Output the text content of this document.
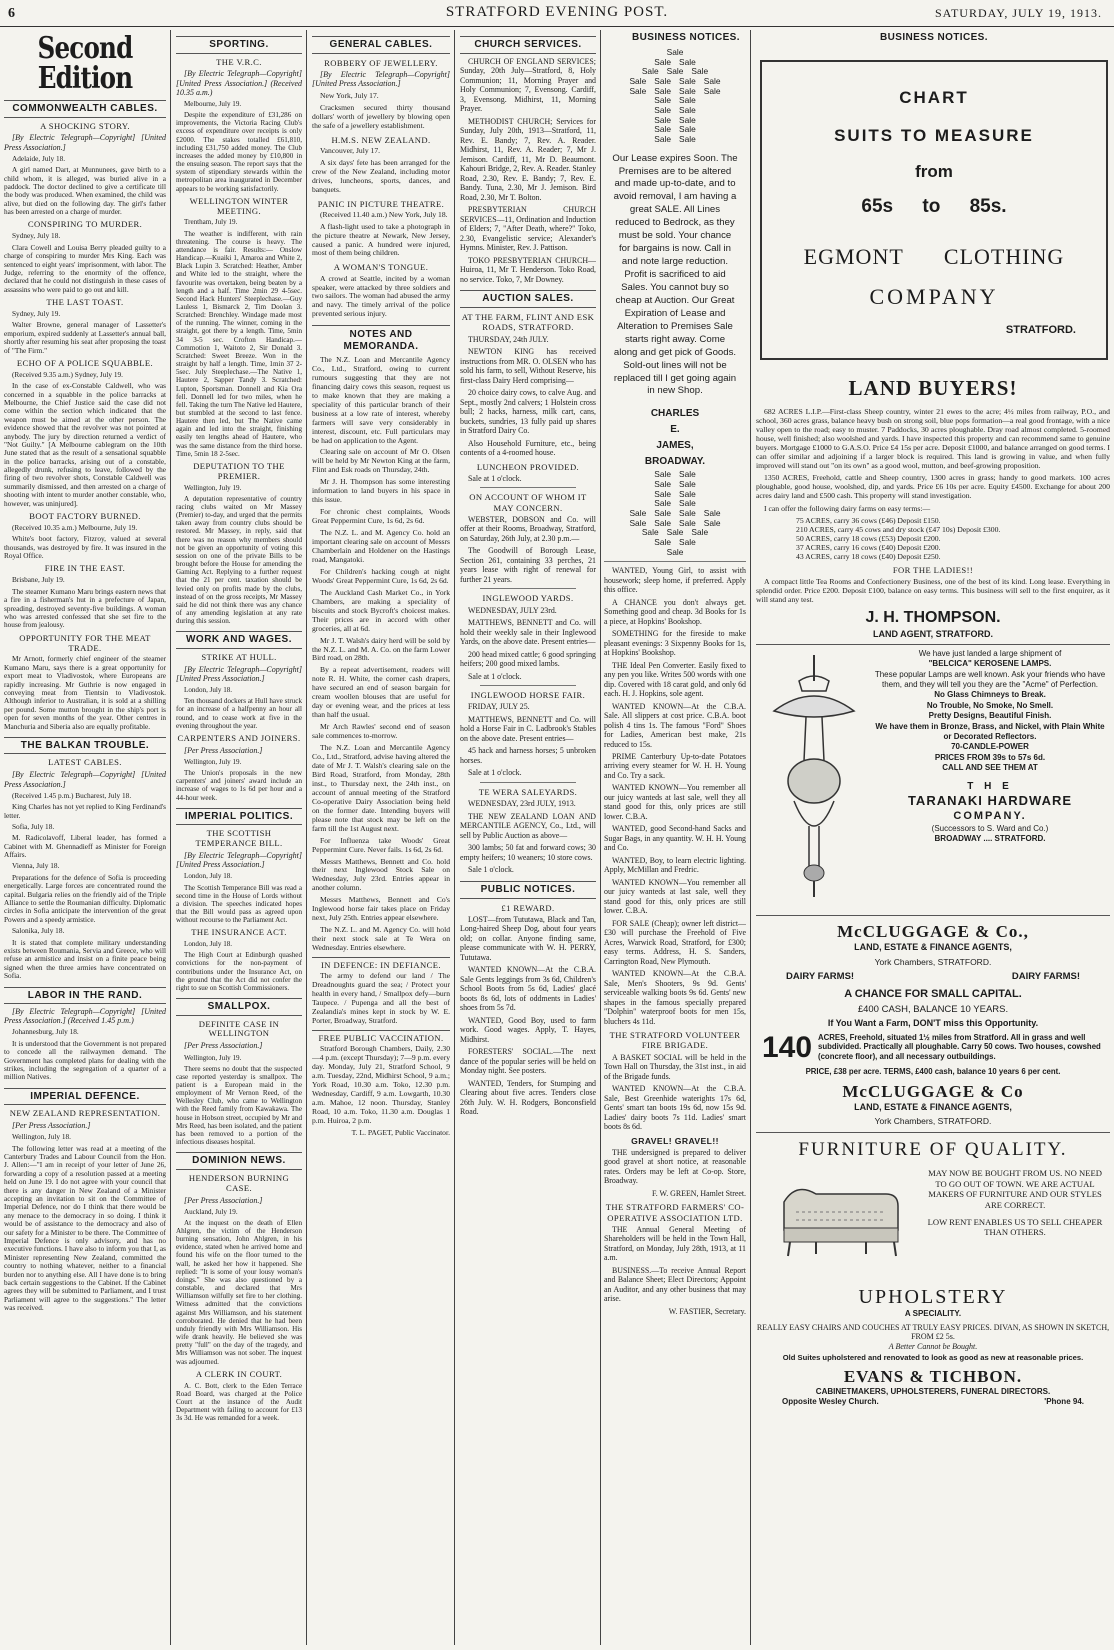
6	STRATFORD EVENING POST.	SATURDAY, JULY 19, 1913.
Second Edition
COMMONWEALTH CABLES.
A SHOCKING STORY.

[By Electric Telegraph—Copyright] [United Press Association.]

Adelaide, July 18.

A girl named Dart, at Munnunees, gave birth to a child whom, it is alleged, was buried alive in a paddock. The doctor declined to give a certificate till the body was produced. When examined, the child was alive, but died on the following day. The girl's father has been arrested on a charge of murder.

CONSPIRING TO MURDER.

Sydney, July 18.

Clara Cowell and Louisa Berry pleaded guilty to a charge of conspiring to murder Mrs King. Each was sentenced to eight years' imprisonment, with labor. The Judge, referring to the enormity of the offence, declared that he could not distinguish in these cases of assassins who were paid to go out and kill.

THE LAST TOAST.

Sydney, July 19.

Walter Browne, general manager of Lassetter's emporium, expired suddenly at Lassetter's annual ball, shortly after resuming his seat after proposing the toast of "The Firm."

ECHO OF A POLICE SQUABBLE.

(Received 9.35 a.m.) Sydney, July 19.

In the case of ex-Constable Caldwell, who was concerned in a squabble in the police barracks at Melbourne, the Chief Justice said the case did not come within the section which indicated that the weapon must be aimed at the other person. The evidence showed that the revolver was not pointed at anybody. The jury by direction returned a verdict of "Not Guilty." [A Melbourne cablegram on the 10th June stated that as the result of a sensational squabble in the police barracks, arising out of a constable, allegedly drunk, refusing to leave, followed by the firing of two revolver shots, Constable Caldwell was summarily dismissed, and then arrested on a charge of shooting with intent to murder another constable, who, however, was uninjured].

BOOT FACTORY BURNED.

(Received 10.35 a.m.) Melbourne, July 19.

White's boot factory, Fitzroy, valued at several thousands, was destroyed by fire. It was insured in the Royal Office.

FIRE IN THE EAST.

Brisbane, July 19.

The steamer Kumano Maru brings eastern news that a fire in a fisherman's hut in a prefecture of Japan, spreading, destroyed seventy-five buildings. A woman who was arrested confessed that she set fire to the house from jealousy.

OPPORTUNITY FOR THE MEAT TRADE.

Mr Arnott, formerly chief engineer of the steamer Kumano Maru, says there is a great opportunity for export meat to Vladivostok, where Europeans are rapidly increasing. Mr Guthrie is now engaged in conveying meat from Tientsin to Vladivostok. Although inferior to Australian, it is sold at a shilling per pound. Some mutton brought in the ship's port is open for seven months of the year. Other centres in Manchuria and Siberia also are equally profitable.

THE BALKAN TROUBLE.
LATEST CABLES.

[By Electric Telegraph—Copyright] [United Press Association.]

(Received 1.45 p.m.) Bucharest, July 18.

King Charles has not yet replied to King Ferdinand's letter.

Sofia, July 18.

M. Radicolavoff, Liberal leader, has formed a Cabinet with M. Ghennadieff as Minister for Foreign Affairs.

Vienna, July 18.

Preparations for the defence of Sofia is proceeding energetically. Large forces are concentrated round the capital. Bulgaria relies on the friendly aid of the Triple Alliance to settle the Roumanian difficulty. Diplomatic circles in Sofia anticipate the intervention of the great Powers and a speedy armistice.

Salonika, July 18.

It is stated that complete military understanding exists between Roumania, Servia and Greece, who will refuse an armistice and insist on a finite peace being signed when the three armies have concentrated on Sofia.

LABOR IN THE RAND.

[By Electric Telegraph—Copyright] [United Press Association.] (Received 1.45 p.m.)

Johannesburg, July 18.

It is understood that the Government is not prepared to concede all the railwaymen demand. The Government has completed plans for dealing with the strikes, including the segregation of a quarter of a million Natives.

IMPERIAL DEFENCE.
NEW ZEALAND REPRESENTATION.

[Per Press Association.]

Wellington, July 18.

The following letter was read at a meeting of the Canterbury Trades and Labour Council from the Hon. J. Allen:—"I am in receipt of your letter of June 26, forwarding a copy of a resolution passed at a meeting held on June 19. I do not agree with your council that there is any danger in New Zealand of a Minister accepting an invitation to sit on the Committee of Imperial Defence, nor do I think that there would be any menace to the democracy in so doing. I think it would be of assistance to the democracy and also of our safety for a Minister to be there. The Committee of Imperial Defence is only advisory, and has no executive functions. I have also to inform you that I, as Minister representing New Zealand, committed the country to nothing whatever, neither to a financial burden nor to anything else. All I have done is to bring back certain suggestions to the Cabinet. If the Cabinet agrees they will be submitted to Parliament, and I trust Parliament will agree to the suggestions." The letter was received.

SPORTING.
THE V.R.C.

[By Electric Telegraph—Copyright] [United Press Association.] (Received 10.35 a.m.)

Melbourne, July 19.

Despite the expenditure of £31,286 on improvements, the Victoria Racing Club's excess of expenditure over receipts is only £2000. The stakes totalled £61,810, including £31,750 added money. The Club increases the added money by £10,800 in the ensuing season. The report says that the system of stipendiary stewards within the metropolitan area inaugurated in December appears to be working satisfactorily.

WELLINGTON WINTER MEETING.

Trentham, July 19.

The weather is indifferent, with rain threatening. The course is heavy. The attendance is fair. Results:— Onslow Handicap.—Kuaiki 1, Amaroa and White 2, Black Lupin 3. Scratched: Heather, Amber and White led to the straight, where the favourite was overtaken, being beaten by a length and a half. Time 2min 29 4-5sec. Second Hack Hunters' Steeplechase.—Guy Lauless 1, Bismarck 2, Tim Doolan 3. Scratched: Brenchley. Windage made most of the running. The winner, coming in the straight, got there by a length. Time, 5min 34 3-5 sec. Crofton Handicap.—Commotion 1, Waitoto 2, Sir Donald 3. Scratched: Sweet Breeze. Won in the straight by half a length. Time, 1min 37 2-5sec. July Steeplechase.—The Native 1, Hautere 2, Sapper Tandy 3. Scratched: Lupton, Sportsman. Donnell and Kia Ora fell. Donnell led for two miles, when he fell. Taking the turn The Native led Hautere, but stumbled at the second to last fence. Hautere then led, but The Native came again and led into the straight, finishing easily ten lengths ahead of Hautere, who was the same distance from the third horse. Time, 5min 18 2-5sec.

DEPUTATION TO THE PREMIER.

Wellington, July 19.

A deputation representative of country racing clubs waited on Mr Massey (Premier) to-day, and urged that the permits taken away from country clubs should be restored. Mr Massey, in reply, said that there was no reason why members should not be given an opportunity of voting this session on one of the private Bills to be brought before the House for amending the Gaming Act. Replying to a further request that the 21 per cent. taxation should be levied only on profits made by the clubs, instead of on the gross receipts, Mr Massey said he did not think there was any chance of any amending legislation at any rate during this session.

WORK AND WAGES.
STRIKE AT HULL.

[By Electric Telegraph—Copyright] [United Press Association.]

London, July 18.

Ten thousand dockers at Hull have struck for an increase of a halfpenny an hour all round, and to cease work at five in the evening throughout the year.

CARPENTERS AND JOINERS.

[Per Press Association.]

Wellington, July 19.

The Union's proposals in the new carpenters' and joiners' award include an increase of wages to 1s 6d per hour and a 44-hour week.

IMPERIAL POLITICS.
THE SCOTTISH TEMPERANCE BILL.

[By Electric Telegraph—Copyright] [United Press Association.]

London, July 18.

The Scottish Temperance Bill was read a second time in the House of Lords without a division. The speeches indicated hopes that the Bill would pass as agreed upon without recourse to the Parliament Act.

THE INSURANCE ACT.

London, July 18.

The High Court at Edinburgh quashed convictions for the non-payment of contributions under the Insurance Act, on the ground that the Act did not confer the right to sue on Scottish Commissioners.

SMALLPOX.
DEFINITE CASE IN WELLINGTON

[Per Press Association.]

Wellington, July 19.

There seems no doubt that the suspected case reported yesterday is smallpox. The patient is a European maid in the employment of Mr Vernon Reed, of the Wellesley Club, who came to Wellington with the Reed family from Kawakawa. The house in Hobson street, occupied by Mr and Mrs Reed, has been isolated, and the patient has been removed to a portion of the infectious diseases hospital.

DOMINION NEWS.
HENDERSON BURNING CASE.

[Per Press Association.]

Auckland, July 19.

At the inquest on the death of Ellen Ahlgren, the victim of the Henderson burning sensation, John Ahlgren, in his evidence, stated when he arrived home and found his wife on the floor turned to the wall, he asked her how it happened. She replied: "It is some of your lousy woman's doings." She was also questioned by a constable, and declared that Mrs Williamson wilfully set fire to her clothing. Witness admitted that the convictions against Mrs Williamson, and his statement corroborated. He denied that he had been unduly friendly with Mrs Williamson. His wife drank heavily. He believed she was pretty "full" on the day of the tragedy, and Mrs Williamson was not sober. The inquest was adjourned.

A CLERK IN COURT.

A. C. Bott, clerk to the Eden Terrace Road Board, was charged at the Police Court at the instance of the Audit Department with failing to account for £13 3s 3d. He was remanded for a week.

GENERAL CABLES.
ROBBERY OF JEWELLERY.

[By Electric Telegraph—Copyright] [United Press Association.]

New York, July 17.

Cracksmen secured thirty thousand dollars' worth of jewellery by blowing open the safe of a jewellery establishment.

H.M.S. NEW ZEALAND.

Vancouver, July 17.

A six days' fete has been arranged for the crew of the New Zealand, including motor drives, luncheons, sports, dances, and banquets.

PANIC IN PICTURE THEATRE.

(Received 11.40 a.m.) New York, July 18.

A flash-light used to take a photograph in the picture theatre at Newark, New Jersey, caused a panic. A hundred were injured, most of them being children.

A WOMAN'S TONGUE.

A crowd at Seattle, incited by a woman speaker, were attacked by three soldiers and two sailors. The woman had abused the army and navy. The timely arrival of the police prevented serious injury.

NOTES AND MEMORANDA.

The N.Z. Loan and Mercantile Agency Co., Ltd., Stratford, owing to current rumours suggesting that they are not financing dairy cows this season, request us to make known that they are making a speciality of this particular branch of their business at a low rate of interest, whereby farmers will save very considerably in interest, discount, etc. Full particulars may be had on application to the Agent.

Clearing sale on account of Mr O. Olsen will be held by Mr Newton King at the farm, Flint and Esk roads on Thursday, 24th.

Mr J. H. Thompson has some interesting information to land buyers in his space in this issue.

For chronic chest complaints, Woods Great Peppermint Cure, 1s 6d, 2s 6d.

The N.Z. L. and M. Agency Co. hold an important clearing sale on account of Messrs Chamberlain and Holdener on the Hastings road, Mangatoki.

For Children's hacking cough at night Woods' Great Peppermint Cure, 1s 6d, 2s 6d.

The Auckland Cash Market Co., in York Chambers, are making a speciality of biscuits and stock Bycroft's choicest makes. Their prices are in accord with other groceries, all at 6d.

Mr J. T. Walsh's dairy herd will be sold by the N.Z. L. and M. A. Co. on the farm Lower Bird road, on 28th.

By a repeat advertisement, readers will note R. H. White, the corner cash drapers, have secured an end of season bargain for cream woollen blouses that are useful for day or evening wear, and the prices at less than half the usual.

Mr Arch Rawles' second end of season sale commences to-morrow.

The N.Z. Loan and Mercantile Agency Co., Ltd., Stratford, advise having altered the date of Mr J. T. Walsh's clearing sale on the Bird Road, Stratford, from Monday, 28th inst., to Thursday next, the 24th inst., on account of annual meeting of the Stratford Co-operative Dairy Association being held on the former date. Intending buyers will please note that stock may be left on the farm till the 1st August next.

For Influenza take Woods' Great Peppermint Cure. Never fails. 1s 6d, 2s 6d.

Messrs Matthews, Bennett and Co. hold their next Inglewood Stock Sale on Wednesday, July 23rd. Entries appear in another column.

Messrs Matthews, Bennett and Co's Inglewood horse fair takes place on Friday next, July 25th. Entries appear elsewhere.

The N.Z. L. and M. Agency Co. will hold their next stock sale at Te Wera on Wednesday. Entries elsewhere.

IN DEFENCE: IN DEFIANCE.

The army to defend our land / The Dreadnoughts guard the sea; / Protect your health in every hand, / Smallpox defy—burn Taupece. / Pupenga and all the best of Zealandia's mines kept in stock by W. E. Porter, Broadway, Stratford.

FREE PUBLIC VACCINATION.

Stratford Borough Chambers, Daily, 2.30—4 p.m. (except Thursday); 7—9 p.m. every day. Monday, July 21, Stratford School, 9 a.m. Tuesday, 22nd, Midhirst School, 9 a.m.; York Road, 10.30 a.m. Toko, 12.30 p.m. Wednesday, Cardiff, 9 a.m. Lowgarth, 10.30 a.m. Mahoe, 12 noon. Thursday, Stanley Road, 10 a.m. Toko, 11.30 a.m. Douglas 1 p.m. Huiroa, 2 p.m.

T. L. PAGET, Public Vaccinator.

CHURCH SERVICES.

CHURCH OF ENGLAND SERVICES; Sunday, 20th July—Stratford, 8, Holy Communion; 11, Morning Prayer and Holy Communion; 7, Evensong. Cardiff, 3, Evensong. Midhirst, 11, Morning Prayer.

METHODIST CHURCH; Services for Sunday, July 20th, 1913—Stratford, 11, Rev. E. Bandy; 7, Rev. A. Reader. Midhirst, 11, Rev. A. Reader; 7, Mr J. Jemison. Cardiff, 11, Mr D. Beaumont. Kahouri Bridge, 2, Rev. A. Reader. Stanley Road, 2.30, Rev. E. Bandy; 7, Rev. E. Bandy. Tuna, 2.30, Mr J. Jemison. Bird Road, 2.30, Mr T. Bolton.

PRESBYTERIAN CHURCH SERVICES—11, Ordination and Induction of Elders; 7, "After Death, where?" Toko, 2.30, Evangelistic service; Alexander's Hymns. Minister, Rev. J. Pattison.

TOKO PRESBYTERIAN CHURCH—Huiroa, 11, Mr T. Henderson. Toko Road, no service. Toko, 7, Mr Downey.

AUCTION SALES.
AT THE FARM, FLINT AND ESK ROADS, STRATFORD.

THURSDAY, 24th JULY.

NEWTON KING has received instructions from MR. O. OLSEN who has sold his farm, to sell, Without Reserve, his first-class Dairy Herd comprising—

20 choice dairy cows, to calve Aug. and Sept., mostly 2nd calvers; 1 Holstein cross bull; 2 hacks, harness, milk cart, cans, buckets, sundries, 13 fully paid up shares in Stratford Dairy Co.

Also Household Furniture, etc., being contents of a 4-roomed house.

LUNCHEON PROVIDED.

Sale at 1 o'clock.

ON ACCOUNT OF WHOM IT MAY CONCERN.

WEBSTER, DOBSON and Co. will offer at their Rooms, Broadway, Stratford, on Saturday, 26th July, at 2.30 p.m.—

The Goodwill of Borough Lease, Section 261, containing 33 perches, 21 years lease with right of renewal for further 21 years.

INGLEWOOD YARDS.

WEDNESDAY, JULY 23rd.

MATTHEWS, BENNETT and Co. will hold their weekly sale in their Inglewood Yards, on the above date. Present entries—

200 head mixed cattle; 6 good springing heifers; 200 good mixed lambs.

Sale at 1 o'clock.

INGLEWOOD HORSE FAIR.

FRIDAY, JULY 25.

MATTHEWS, BENNETT and Co. will hold a Horse Fair in C. Ladbrook's Stables on the above date. Present entries—

45 hack and harness horses; 5 unbroken horses.

Sale at 1 o'clock.

TE WERA SALEYARDS.

WEDNESDAY, 23rd JULY, 1913.

THE NEW ZEALAND LOAN AND MERCANTILE AGENCY, Co., Ltd., will sell by Public Auction as above—

300 lambs; 50 fat and forward cows; 30 empty heifers; 10 weaners; 10 store cows.

Sale 1 o'clock.

PUBLIC NOTICES.
£1 REWARD.

LOST—from Tututawa, Black and Tan, Long-haired Sheep Dog, about four years old; on collar. Anyone finding same, please communicate with W. H. PERRY, Tututawa.

WANTED KNOWN—At the C.B.A. Sale Gents leggings from 3s 6d, Children's School Boots from 5s 6d, Ladies' glacé boots 8s 6d, lots of oddments in Ladies' shoes from 5s 7d.

WANTED, Good Boy, used to farm work. Good wages. Apply, T. Hayes, Midhirst.

FORESTERS' SOCIAL.—The next dance of the popular series will be held on Monday night. See posters.

WANTED, Tenders, for Stumping and Clearing about five acres. Tenders close 26th July. W. H. Rodgers, Bonconsfield Road.

BUSINESS NOTICES.
Sale
Sale Sale
Sale Sale Sale
Sale Sale Sale Sale
Sale Sale Sale Sale
Sale Sale
Sale Sale
Sale Sale
Sale Sale
Sale Sale
Our Lease expires Soon. The Premises are to be altered and made up-to-date, and to avoid removal, I am having a great SALE. All Lines reduced to Bedrock, as they must be sold. Your chance for bargains is now. Call in and note large reduction. Profit is sacrificed to aid Sales. You cannot buy so cheap at Auction. Our Great Expiration of Lease and Alteration to Premises Sale starts right away. Come along and get pick of Goods. Sold-out lines will not be replaced till I get going again in new Shop.
CHARLES
E.
JAMES,
BROADWAY.
Sale Sale
Sale Sale
Sale Sale
Sale Sale
Sale Sale Sale Sale
Sale Sale Sale Sale
Sale Sale Sale
Sale Sale
Sale

WANTED, Young Girl, to assist with housework; sleep home, if preferred. Apply this office.

A CHANCE you don't always get. Something good and cheap. 3d Books for 1s a piece, at Hopkins' Bookshop.

SOMETHING for the fireside to make pleasant evenings: 3 Sixpenny Books for 1s, at Hopkins' Bookshop.

THE Ideal Pen Converter. Easily fixed to any pen you like. Writes 500 words with one dip. Covered with 18 carat gold, and only 6d each. H. J. Hopkins, sole agent.

WANTED KNOWN—At the C.B.A. Sale. All slippers at cost price. C.B.A. boot polish 4 tins 1s. The famous "Ford" Shoes for Ladies, American best make, 21s reduced to 15s.

PRIME Canterbury Up-to-date Potatoes arriving every steamer for W. H. H. Young and Co. Try a sack.

WANTED KNOWN—You remember all our juicy wanteds at last sale, well they all stand good for this, only prices are still lower. C.B.A.

WANTED, good Second-hand Sacks and Sugar Bags, in any quantity. W. H. H. Young and Co.

WANTED, Boy, to learn electric lighting. Apply, McMillan and Fredric.

WANTED KNOWN—You remember all our juicy wanteds at last sale, well they stand good for this, only prices are still lower. C.B.A.

FOR SALE (Cheap); owner left district—£30 will purchase the Freehold of Five Acres, Warwick Road, Stratford, for £300; easy terms. Address, H. S. Sanders, Carrington Road, New Plymouth.

WANTED KNOWN—At the C.B.A. Sale, Men's Shooters, 9s 9d. Gents' serviceable walking boots 9s 6d. Gents' new shapes in the famous specially prepared "Dolphin" waterproof boots for men 15s, bluchers 4s 11d.

THE STRATFORD VOLUNTEER FIRE BRIGADE.

A BASKET SOCIAL will be held in the Town Hall on Thursday, the 31st inst., in aid of the Brigade funds.

WANTED KNOWN—At the C.B.A. Sale, Best Greenhide waterights 17s 6d, Gents' smart tan boots 19s 6d, now 15s 9d. Ladies' dairy boots 7s 11d. Ladies' smart boots 8s 6d.

GRAVEL! GRAVEL!!

THE undersigned is prepared to deliver good gravel at short notice, at reasonable rates. Orders may be left at Co-op. Store, Broadway.

F. W. GREEN, Hamlet Street.

THE STRATFORD FARMERS' CO-OPERATIVE ASSOCIATION LTD.

THE Annual General Meeting of Shareholders will be held in the Town Hall, Stratford, on Monday, July 28th, 1913, at 11 a.m.

BUSINESS.—To receive Annual Report and Balance Sheet; Elect Directors; Appoint an Auditor, and any other business that may arise.

W. FASTIER, Secretary.

BUSINESS NOTICES.
CHART
SUITS TO MEASURE
from
65s to 85s.
EGMONT CLOTHING
COMPANY
STRATFORD.
LAND BUYERS!

682 ACRES L.I.P.—First-class Sheep country, winter 21 ewes to the acre; 4½ miles from railway, P.O., and school, 360 acres grass, balance heavy bush on strong soil, blue pops formation—a real good frontage, with a nice valley open to the road; easy to muster. 7 Paddocks, 30 acres ploughable. Dray road almost completed. 5-roomed house, well finished; also woolshed and yards. I have inspected this property and can recommend same to genuine buyers. Mortgage £1000 to G.A.S.O. Price £4 15s per acre. Deposit £1000, and balance arranged on good terms. I can offer similar and adjoining if a larger block is required. This land is growing in value, and when fully improved will stand out "on its own" as a good wool, mutton, and beef-growing proposition.

1350 ACRES, Freehold, cattle and Sheep country, 1300 acres in grass; handy to good markets. 100 acres ploughable, good house, woolshed, dip, and yards. Price £6 10s per acre. Equity £4500. Exchange for about 200 acres dairy land and £500 cash. This property will stand investigation.

I can offer the following dairy farms on easy terms:—

75 ACRES, carry 36 cows (£46) Deposit £150.
210 ACRES, carry 45 cows and dry stock (£47 10s) Deposit £300.
50 ACRES, carry 18 cows (£53) Deposit £200.
37 ACRES, carry 16 cows (£40) Deposit £200.
43 ACRES, carry 18 cows (£40) Deposit £250.
FOR THE LADIES!!

A compact little Tea Rooms and Confectionery Business, one of the best of its kind. Long lease. Everything in splendid order. Price £200. Deposit £100, balance on easy terms. This business will sell to the first enquirer, as it will stand any test.

J. H. THOMPSON.
LAND AGENT, STRATFORD.
We have just landed a large shipment of
"BELCICA" KEROSENE LAMPS.
These popular Lamps are well known. Ask your friends who have them, and they will tell you they are the "Acme" of Perfection.
No Glass Chimneys to Break.
No Trouble, No Smoke, No Smell.
Pretty Designs, Beautiful Finish.
We have them in Bronze, Brass, and Nickel, with Plain White or Decorated Reflectors.
70-CANDLE-POWER
PRICES FROM 39s to 57s 6d.
CALL AND SEE THEM AT
T H E
TARANAKI HARDWARE
COMPANY.
(Successors to S. Ward and Co.)
BROADWAY .... STRATFORD.
McCLUGGAGE & Co.,
LAND, ESTATE & FINANCE AGENTS,
York Chambers, STRATFORD.
DAIRY FARMS!	DAIRY FARMS!
A CHANCE FOR SMALL CAPITAL.
£400 CASH, BALANCE 10 YEARS.
If You Want a Farm, DON'T miss this Opportunity.
140 ACRES, Freehold, situated 1½ miles from Stratford. All in grass and well subdivided. Practically all ploughable. Carry 50 cows. Two houses, cowshed (concrete floor), and all necessary outbuildings.
PRICE, £38 per acre. TERMS, £400 cash, balance 10 years 6 per cent.
McCLUGGAGE & Co
LAND, ESTATE & FINANCE AGENTS,
York Chambers, STRATFORD.
FURNITURE OF QUALITY.
MAY NOW BE BOUGHT FROM US. NO NEED TO GO OUT OF TOWN. WE ARE ACTUAL MAKERS OF FURNITURE AND OUR STYLES ARE CORRECT.
LOW RENT ENABLES US TO SELL CHEAPER THAN OTHERS.
UPHOLSTERY
A SPECIALITY.
REALLY EASY CHAIRS AND COUCHES AT TRULY EASY PRICES. DIVAN, AS SHOWN IN SKETCH, FROM £2 5s.
A Better Cannot be Bought.
Old Suites upholstered and renovated to look as good as new at reasonable prices.
EVANS & TICHBON.
CABINETMAKERS, UPHOLSTERERS, FUNERAL DIRECTORS.
Opposite Wesley Church.	'Phone 94.
